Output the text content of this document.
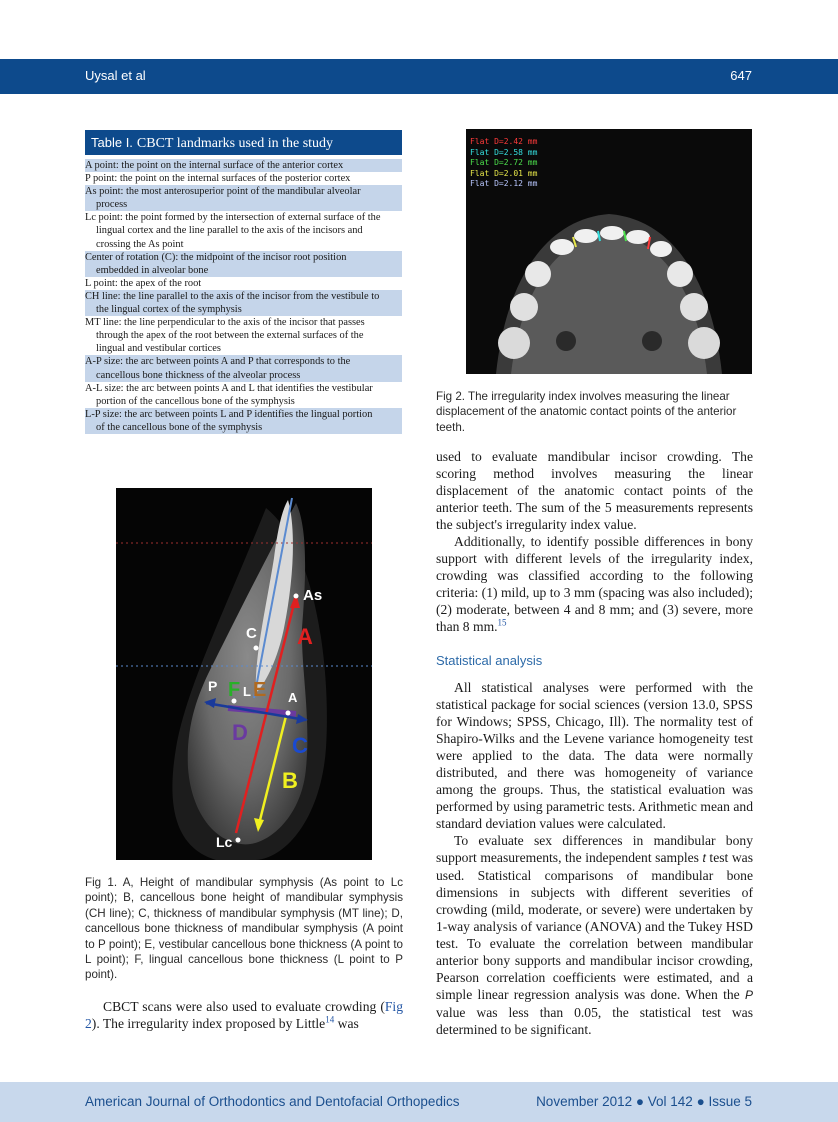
Uysal et al	647
Table I. CBCT landmarks used in the study
A point: the point on the internal surface of the anterior cortex
P point: the point on the internal surfaces of the posterior cortex
As point: the most anterosuperior point of the mandibular alveolar
process
Lc point: the point formed by the intersection of external surface of the
lingual cortex and the line parallel to the axis of the incisors and
crossing the As point
Center of rotation (C): the midpoint of the incisor root position
embedded in alveolar bone
L point: the apex of the root
CH line: the line parallel to the axis of the incisor from the vestibule to
the lingual cortex of the symphysis
MT line: the line perpendicular to the axis of the incisor that passes
through the apex of the root between the external surfaces of the
lingual and vestibular cortices
A-P size: the arc between points A and P that corresponds to the
cancellous bone thickness of the alveolar process
A-L size: the arc between points A and L that identifies the vestibular
portion of the cancellous bone of the symphysis
L-P size: the arc between points L and P identifies the lingual portion
of the cancellous bone of the symphysis
As
C
P F L E A
D
A
B
C
Lc
Fig 1. A, Height of mandibular symphysis (As point to Lc point); B, cancellous bone height of mandibular symphysis (CH line); C, thickness of mandibular symphysis (MT line); D, cancellous bone thickness of mandibular symphysis (A point to P point); E, vestibular cancellous bone thickness (A point to L point); F, lingual cancellous bone thickness (L point to P point).
CBCT scans were also used to evaluate crowding (Fig 2). The irregularity index proposed by Little$^{14}$ was
Flat D=2.42 mm
Flat D=2.58 mm
Flat D=2.72 mm
Flat D=2.01 mm
Flat D=2.12 mm
Fig 2. The irregularity index involves measuring the linear displacement of the anatomic contact points of the anterior teeth.

used to evaluate mandibular incisor crowding. The scoring method involves measuring the linear displacement of the anatomic contact points of the anterior teeth. The sum of the 5 measurements represents the subject's irregularity index value.

Additionally, to identify possible differences in bony support with different levels of the irregularity index, crowding was classified according to the following criteria: (1) mild, up to 3 mm (spacing was also included); (2) moderate, between 4 and 8 mm; and (3) severe, more than 8 mm.$^{15}$

Statistical analysis

All statistical analyses were performed with the statistical package for social sciences (version 13.0, SPSS for Windows; SPSS, Chicago, Ill). The normality test of Shapiro-Wilks and the Levene variance homogeneity test were applied to the data. The data were normally distributed, and there was homogeneity of variance among the groups. Thus, the statistical evaluation was performed by using parametric tests. Arithmetic mean and standard deviation values were calculated.

To evaluate sex differences in mandibular bony support measurements, the independent samples t test was used. Statistical comparisons of mandibular bone dimensions in subjects with different severities of crowding (mild, moderate, or severe) were undertaken by 1-way analysis of variance (ANOVA) and the Tukey HSD test. To evaluate the correlation between mandibular anterior bony supports and mandibular incisor crowding, Pearson correlation coefficients were estimated, and a simple linear regression analysis was done. When the P value was less than 0.05, the statistical test was determined to be significant.

American Journal of Orthodontics and Dentofacial Orthopedics	November 2012 ● Vol 142 ● Issue 5
